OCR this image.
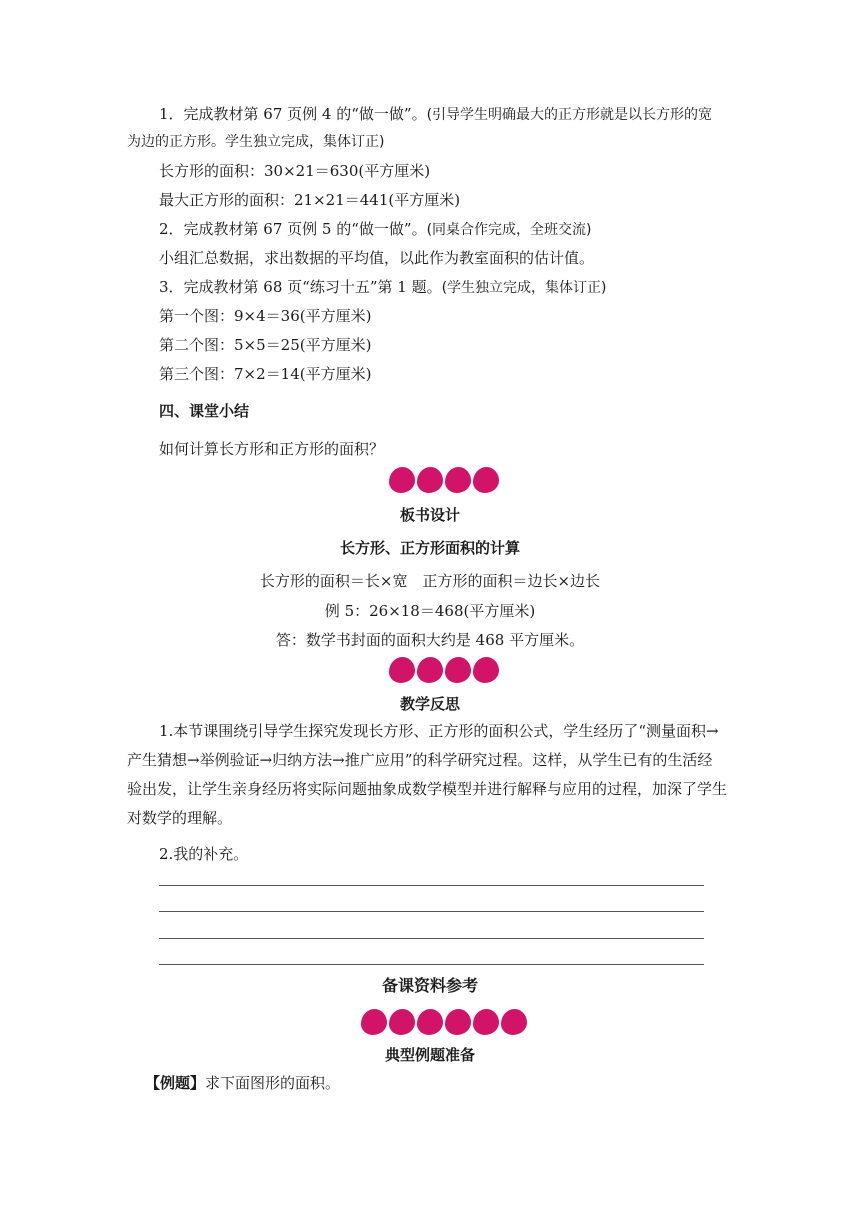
1．完成教材第 67 页例 4 的“做一做”。(引导学生明确最大的正方形就是以长方形的宽
为边的正方形。学生独立完成，集体订正)
长方形的面积：30×21＝630(平方厘米)
最大正方形的面积：21×21＝441(平方厘米)
2．完成教材第 67 页例 5 的“做一做”。(同桌合作完成，全班交流)
小组汇总数据，求出数据的平均值，以此作为教室面积的估计值。
3．完成教材第 68 页“练习十五”第 1 题。(学生独立完成，集体订正)
第一个图：9×4＝36(平方厘米)
第二个图：5×5＝25(平方厘米)
第三个图：7×2＝14(平方厘米)
四、课堂小结
如何计算长方形和正方形的面积？
板书设计
长方形、正方形面积的计算
长方形的面积＝长×宽　正方形的面积＝边长×边长
例 5：26×18＝468(平方厘米)
答：数学书封面的面积大约是 468 平方厘米。
教学反思
1.本节课围绕引导学生探究发现长方形、正方形的面积公式，学生经历了“测量面积→
产生猜想→举例验证→归纳方法→推广应用”的科学研究过程。这样，从学生已有的生活经
验出发，让学生亲身经历将实际问题抽象成数学模型并进行解释与应用的过程，加深了学生
对数学的理解。
2.我的补充。
备课资料参考
典型例题准备
【例题】求下面图形的面积。
